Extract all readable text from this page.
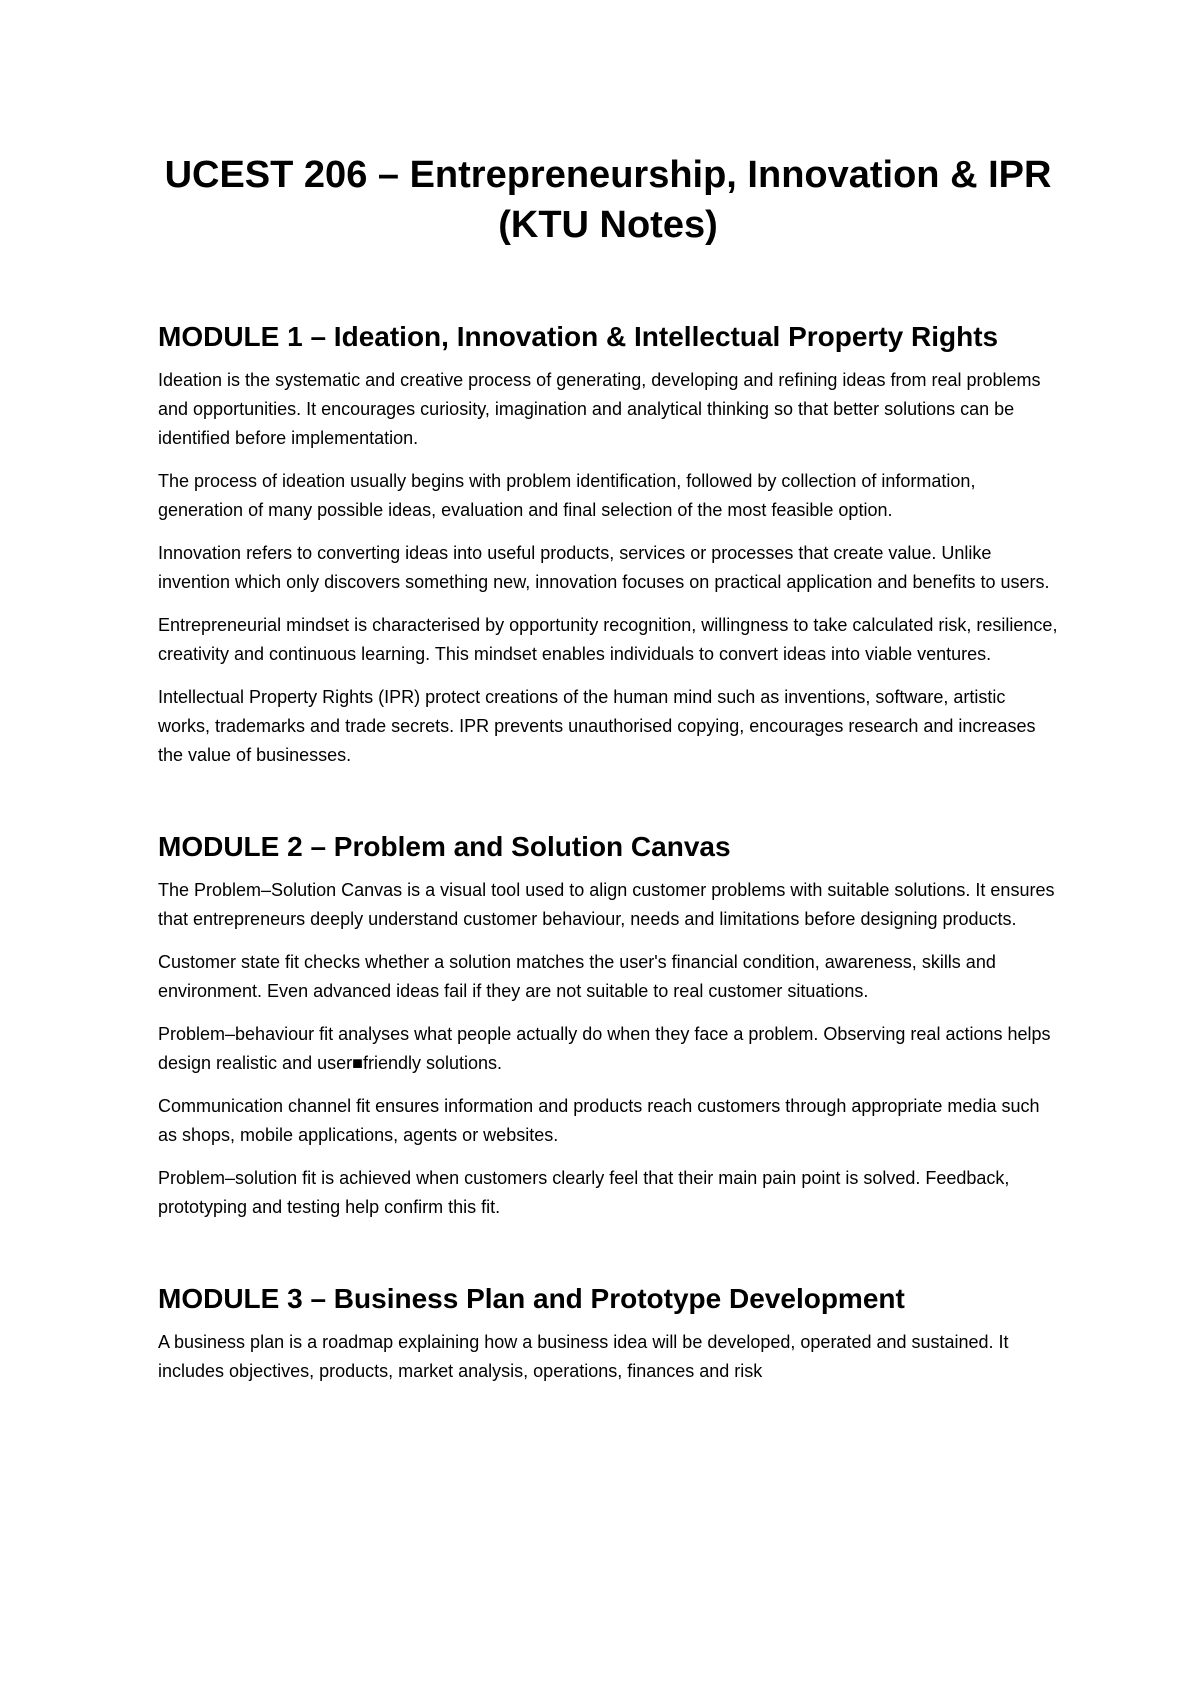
UCEST 206 – Entrepreneurship, Innovation & IPR
(KTU Notes)
MODULE 1 – Ideation, Innovation & Intellectual Property Rights

Ideation is the systematic and creative process of generating, developing and refining ideas from real problems and opportunities. It encourages curiosity, imagination and analytical thinking so that better solutions can be identified before implementation.

The process of ideation usually begins with problem identification, followed by collection of information, generation of many possible ideas, evaluation and final selection of the most feasible option.

Innovation refers to converting ideas into useful products, services or processes that create value. Unlike invention which only discovers something new, innovation focuses on practical application and benefits to users.

Entrepreneurial mindset is characterised by opportunity recognition, willingness to take calculated risk, resilience, creativity and continuous learning. This mindset enables individuals to convert ideas into viable ventures.

Intellectual Property Rights (IPR) protect creations of the human mind such as inventions, software, artistic works, trademarks and trade secrets. IPR prevents unauthorised copying, encourages research and increases the value of businesses.

MODULE 2 – Problem and Solution Canvas

The Problem–Solution Canvas is a visual tool used to align customer problems with suitable solutions. It ensures that entrepreneurs deeply understand customer behaviour, needs and limitations before designing products.

Customer state fit checks whether a solution matches the user's financial condition, awareness, skills and environment. Even advanced ideas fail if they are not suitable to real customer situations.

Problem–behaviour fit analyses what people actually do when they face a problem. Observing real actions helps design realistic and user■friendly solutions.

Communication channel fit ensures information and products reach customers through appropriate media such as shops, mobile applications, agents or websites.

Problem–solution fit is achieved when customers clearly feel that their main pain point is solved. Feedback, prototyping and testing help confirm this fit.

MODULE 3 – Business Plan and Prototype Development

A business plan is a roadmap explaining how a business idea will be developed, operated and sustained. It includes objectives, products, market analysis, operations, finances and risk
